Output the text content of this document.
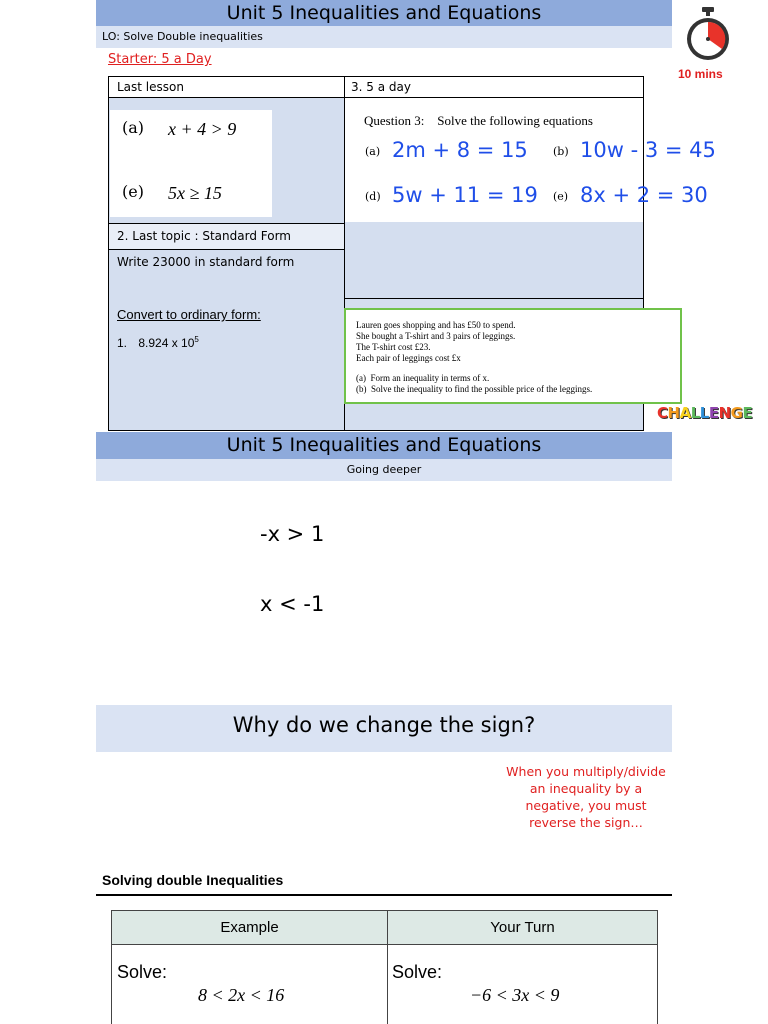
Unit 5 Inequalities and Equations
LO: Solve Double inequalities
Starter: 5 a Day
10 mins
Last lesson	3. 5 a day
(a) x + 4 > 9
(e) 5x ≥ 15
2. Last topic : Standard Form
Write 23000 in standard form
Convert to ordinary form:
1. 8.924 x $10^5$
Question 3:    Solve the following equations
(a) 2m + 8 = 15 (b) 10w - 3 = 45
(d) 5w + 11 = 19 (e) 8x + 2 = 30
Lauren goes shopping and has £50 to spend.
She bought a T-shirt and 3 pairs of leggings.
The T-shirt cost £23.
Each pair of leggings cost £x
(a)  Form an inequality in terms of x.
(b)  Solve the inequality to find the possible price of the leggings.
CHALLENGE
Unit 5 Inequalities and Equations
Going deeper
-x > 1
x < -1
Why do we change the sign?
When you multiply/divide an inequality by a negative, you must reverse the sign…
Solving double Inequalities
Example	Your Turn
Solve:
8 < 2x < 16
Solve:
−6 < 3x < 9
